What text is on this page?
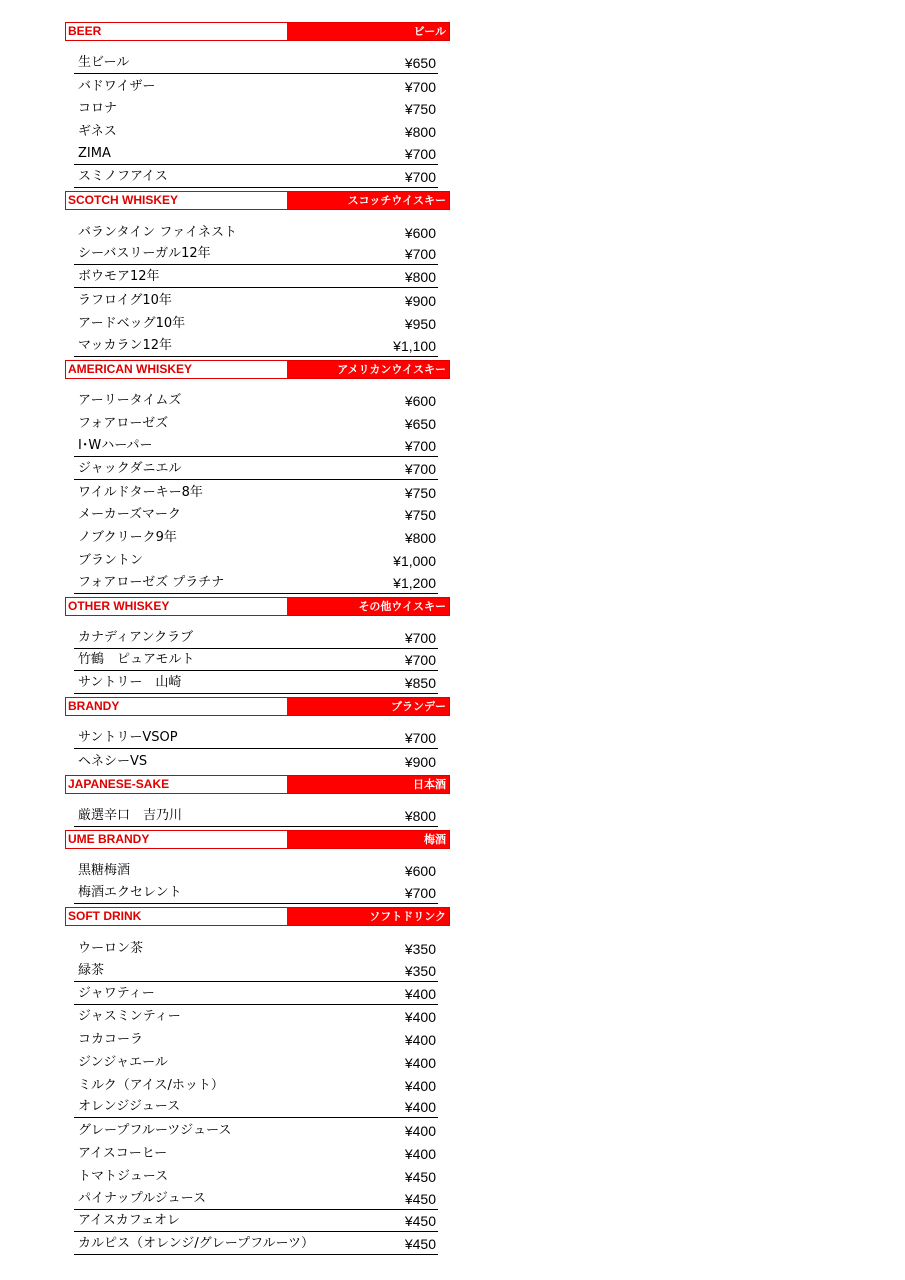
BEER	ビール
生ビール	¥650
バドワイザー	¥700
コロナ	¥750
ギネス	¥800
ZIMA	¥700
スミノフアイス	¥700
SCOTCH WHISKEY	スコッチウイスキー
バランタイン ファイネスト	¥600
シーバスリーガル12年	¥700
ボウモア12年	¥800
ラフロイグ10年	¥900
アードベッグ10年	¥950
マッカラン12年	¥1,100
AMERICAN WHISKEY	アメリカンウイスキー
アーリータイムズ	¥600
フォアローゼズ	¥650
I･Wハーパー	¥700
ジャックダニエル	¥700
ワイルドターキー8年	¥750
メーカーズマーク	¥750
ノブクリーク9年	¥800
ブラントン	¥1,000
フォアローゼズ プラチナ	¥1,200
OTHER WHISKEY	その他ウイスキー
カナディアンクラブ	¥700
竹鶴　ピュアモルト	¥700
サントリー　山崎	¥850
BRANDY	ブランデー
サントリーVSOP	¥700
ヘネシーVS	¥900
JAPANESE-SAKE	日本酒
厳選辛口　吉乃川	¥800
UME BRANDY	梅酒
黒糖梅酒	¥600
梅酒エクセレント	¥700
SOFT DRINK	ソフトドリンク
ウーロン茶	¥350
緑茶	¥350
ジャワティー	¥400
ジャスミンティー	¥400
コカコーラ	¥400
ジンジャエール	¥400
ミルク（アイス/ホット）	¥400
オレンジジュース	¥400
グレープフルーツジュース	¥400
アイスコーヒー	¥400
トマトジュース	¥450
パイナップルジュース	¥450
アイスカフェオレ	¥450
カルピス（オレンジ/グレープフルーツ）	¥450
